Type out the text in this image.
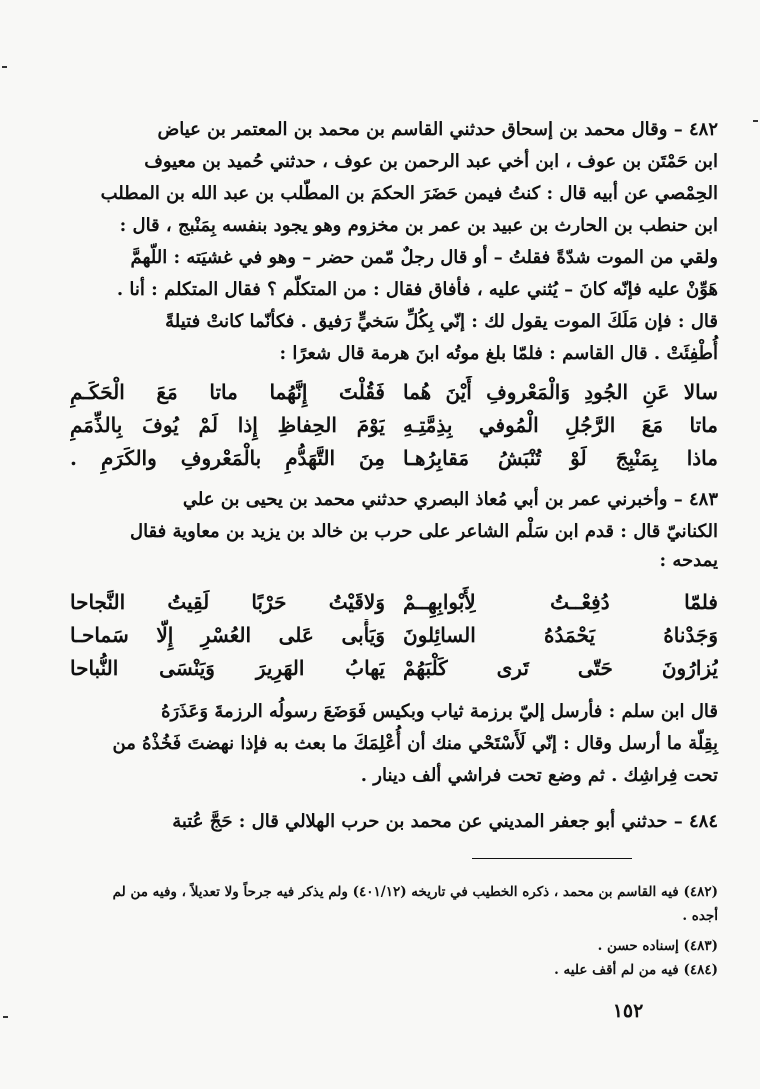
٤٨٢ – وقال محمد بن إسحاق حدثني القاسم بن محمد بن المعتمر بن عياض

ابن حَمْتَن بن عوف ، ابن أخي عبد الرحمن بن عوف ، حدثني حُميد بن معيوف

الحِمْصي عن أبيه قال : كنتُ فيمن حَضَرَ الحكمَ بن المطّلب بن عبد الله بن المطلب

ابن حنطب بن الحارث بن عبيد بن عمر بن مخزوم وهو يجود بنفسه بِمَنْبج ، قال :

ولقي من الموت شدّةً فقلتُ – أو قال رجلٌ مّمن حضر – وهو في غشيَته : اللّهمَّ

هَوِّنْ عليه فإنّه كانَ – يُثني عليه ، فأفاق فقال : من المتكلّم ؟ فقال المتكلم : أنا .

قال : فإن مَلَكَ الموت يقول لك : إنّي بِكُلِّ سَخيٍّ رَفيق . فكأنّما كانتْ فتيلةً

أُطْفِئَتْ . قال القاسم : فلمّا بلغ موتُه ابنَ هرمة قال شعرًا :

سالا عَنِ الجُودِ وَالْمَعْروفِ أَيْنَ هُما
فَقُلْتَ إِنَّهُما ماتا مَعَ الْحَكَـمِ
ماتا مَعَ الرَّجُلِ الْمُوفي بِذِمَّتِـهِ
يَوْمَ الحِفاظِ إِذا لَمْ يُوفَ بِالذِّمَمِ
ماذا بِمَنْبِجَ لَوْ تُنْبَشُ مَقابِرُهـا
مِنَ التَّهَدُّمِ بالْمَعْروفِ والكَرَمِ .

٤٨٣ – وأخبرني عمر بن أبي مُعاذ البصري حدثني محمد بن يحيى بن علي

الكنانيّ قال : قدم ابن سَلْم الشاعر على حرب بن خالد بن يزيد بن معاوية فقال

يمدحه :

فلمّا دُفِعْــتُ لِأَبْوابِهِــمْ
وَلاقَيْتُ حَرْبًا لَقِيتُ النَّجاحا
وَجَدْناهُ يَحْمَدُهُ السائِلونَ
وَيَأْبى عَلى العُسْرِ إِلّا سَماحـا
يُزارُونَ حَتّى تَرى كَلْبَهُمْ
يَهابُ الهَرِيرَ وَيَنْسَى النُّباحا

قال ابن سلم : فأرسل إليّ برزمة ثياب وبكيس فَوَضَعَ رسولُه الرزمةَ وَعَذَرَهُ

بِقِلّة ما أرسل وقال : إنّي لَأَسْتَحْي منك أن أُعْلِمَكَ ما بعث به فإذا نهضتَ فَخُذْهُ من

تحت فِراشِك . ثم وضع تحت فراشي ألف دينار .

٤٨٤ – حدثني أبو جعفر المديني عن محمد بن حرب الهلالي قال : حَجَّ عُتبة

(٤٨٢) فيه القاسم بن محمد ، ذكره الخطيب في تاريخه (٤٠١/١٢) ولم يذكر فيه جرحاً ولا تعديلاً ، وفيه من لم

أجده .

(٤٨٣) إسناده حسن .

(٤٨٤) فيه من لم أقف عليه .

١٥٢
